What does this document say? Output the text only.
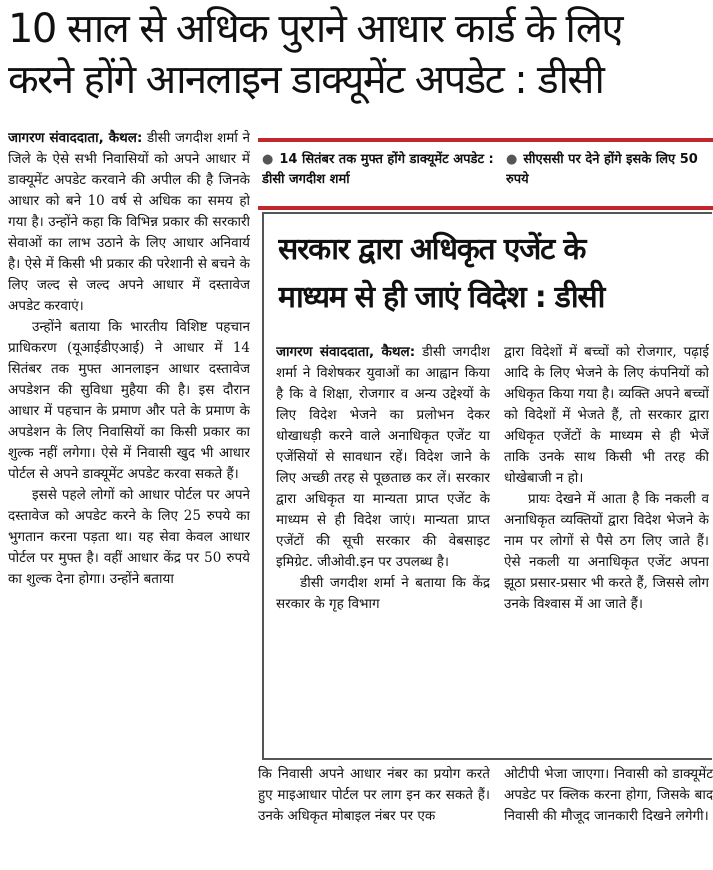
10 साल से अधिक पुराने आधार कार्ड के लिए
करने होंगे आनलाइन डाक्यूमेंट अपडेट : डीसी

जागरण संवाददाता, कैथल: डीसी जगदीश शर्मा ने जिले के ऐसे सभी निवासियों को अपने आधार में डाक्यूमेंट अपडेट करवाने की अपील की है जिनके आधार को बने 10 वर्ष से अधिक का समय हो गया है। उन्होंने कहा कि विभिन्न प्रकार की सरकारी सेवाओं का लाभ उठाने के लिए आधार अनिवार्य है। ऐसे में किसी भी प्रकार की परेशानी से बचने के लिए जल्द से जल्द अपने आधार में दस्तावेज अपडेट करवाएं।

उन्होंने बताया कि भारतीय विशिष्ट पहचान प्राधिकरण (यूआईडीएआई) ने आधार में 14 सितंबर तक मुफ्त आनलाइन आधार दस्तावेज अपडेशन की सुविधा मुहैया की है। इस दौरान आधार में पहचान के प्रमाण और पते के प्रमाण के अपडेशन के लिए निवासियों का किसी प्रकार का शुल्क नहीं लगेगा। ऐसे में निवासी खुद भी आधार पोर्टल से अपने डाक्यूमेंट अपडेट करवा सकते हैं।

इससे पहले लोगों को आधार पोर्टल पर अपने दस्तावेज को अपडेट करने के लिए 25 रुपये का भुगतान करना पड़ता था। यह सेवा केवल आधार पोर्टल पर मुफ्त है। वहीं आधार केंद्र पर 50 रुपये का शुल्क देना होगा। उन्होंने बताया

● 14 सितंबर तक मुफ्त होंगे डाक्यूमेंट अपडेट : डीसी जगदीश शर्मा
● सीएससी पर देने होंगे इसके लिए 50 रुपये
सरकार द्वारा अधिकृत एजेंट के
माध्यम से ही जाएं विदेश : डीसी

जागरण संवाददाता, कैथल: डीसी जगदीश शर्मा ने विशेषकर युवाओं का आह्वान किया है कि वे शिक्षा, रोजगार व अन्य उद्देश्यों के लिए विदेश भेजने का प्रलोभन देकर धोखाधड़ी करने वाले अनाधिकृत एजेंट या एजेंसियों से सावधान रहें। विदेश जाने के लिए अच्छी तरह से पूछताछ कर लें। सरकार द्वारा अधिकृत या मान्यता प्राप्त एजेंट के माध्यम से ही विदेश जाएं। मान्यता प्राप्त एजेंटों की सूची सरकार की वेबसाइट इमिग्रेट. जीओवी.इन पर उपलब्ध है।

डीसी जगदीश शर्मा ने बताया कि केंद्र सरकार के गृह विभाग

द्वारा विदेशों में बच्चों को रोजगार, पढ़ाई आदि के लिए भेजने के लिए कंपनियों को अधिकृत किया गया है। व्यक्ति अपने बच्चों को विदेशों में भेजते हैं, तो सरकार द्वारा अधिकृत एजेंटों के माध्यम से ही भेजें ताकि उनके साथ किसी भी तरह की धोखेबाजी न हो।

प्रायः देखने में आता है कि नकली व अनाधिकृत व्यक्तियों द्वारा विदेश भेजने के नाम पर लोगों से पैसे ठग लिए जाते हैं। ऐसे नकली या अनाधिकृत एजेंट अपना झूठा प्रसार-प्रसार भी करते हैं, जिससे लोग उनके विश्वास में आ जाते हैं।

कि निवासी अपने आधार नंबर का प्रयोग करते हुए माइआधार पोर्टल पर लाग इन कर सकते हैं। उनके अधिकृत मोबाइल नंबर पर एक

ओटीपी भेजा जाएगा। निवासी को डाक्यूमेंट अपडेट पर क्लिक करना होगा, जिसके बाद निवासी की मौजूद जानकारी दिखने लगेगी।
